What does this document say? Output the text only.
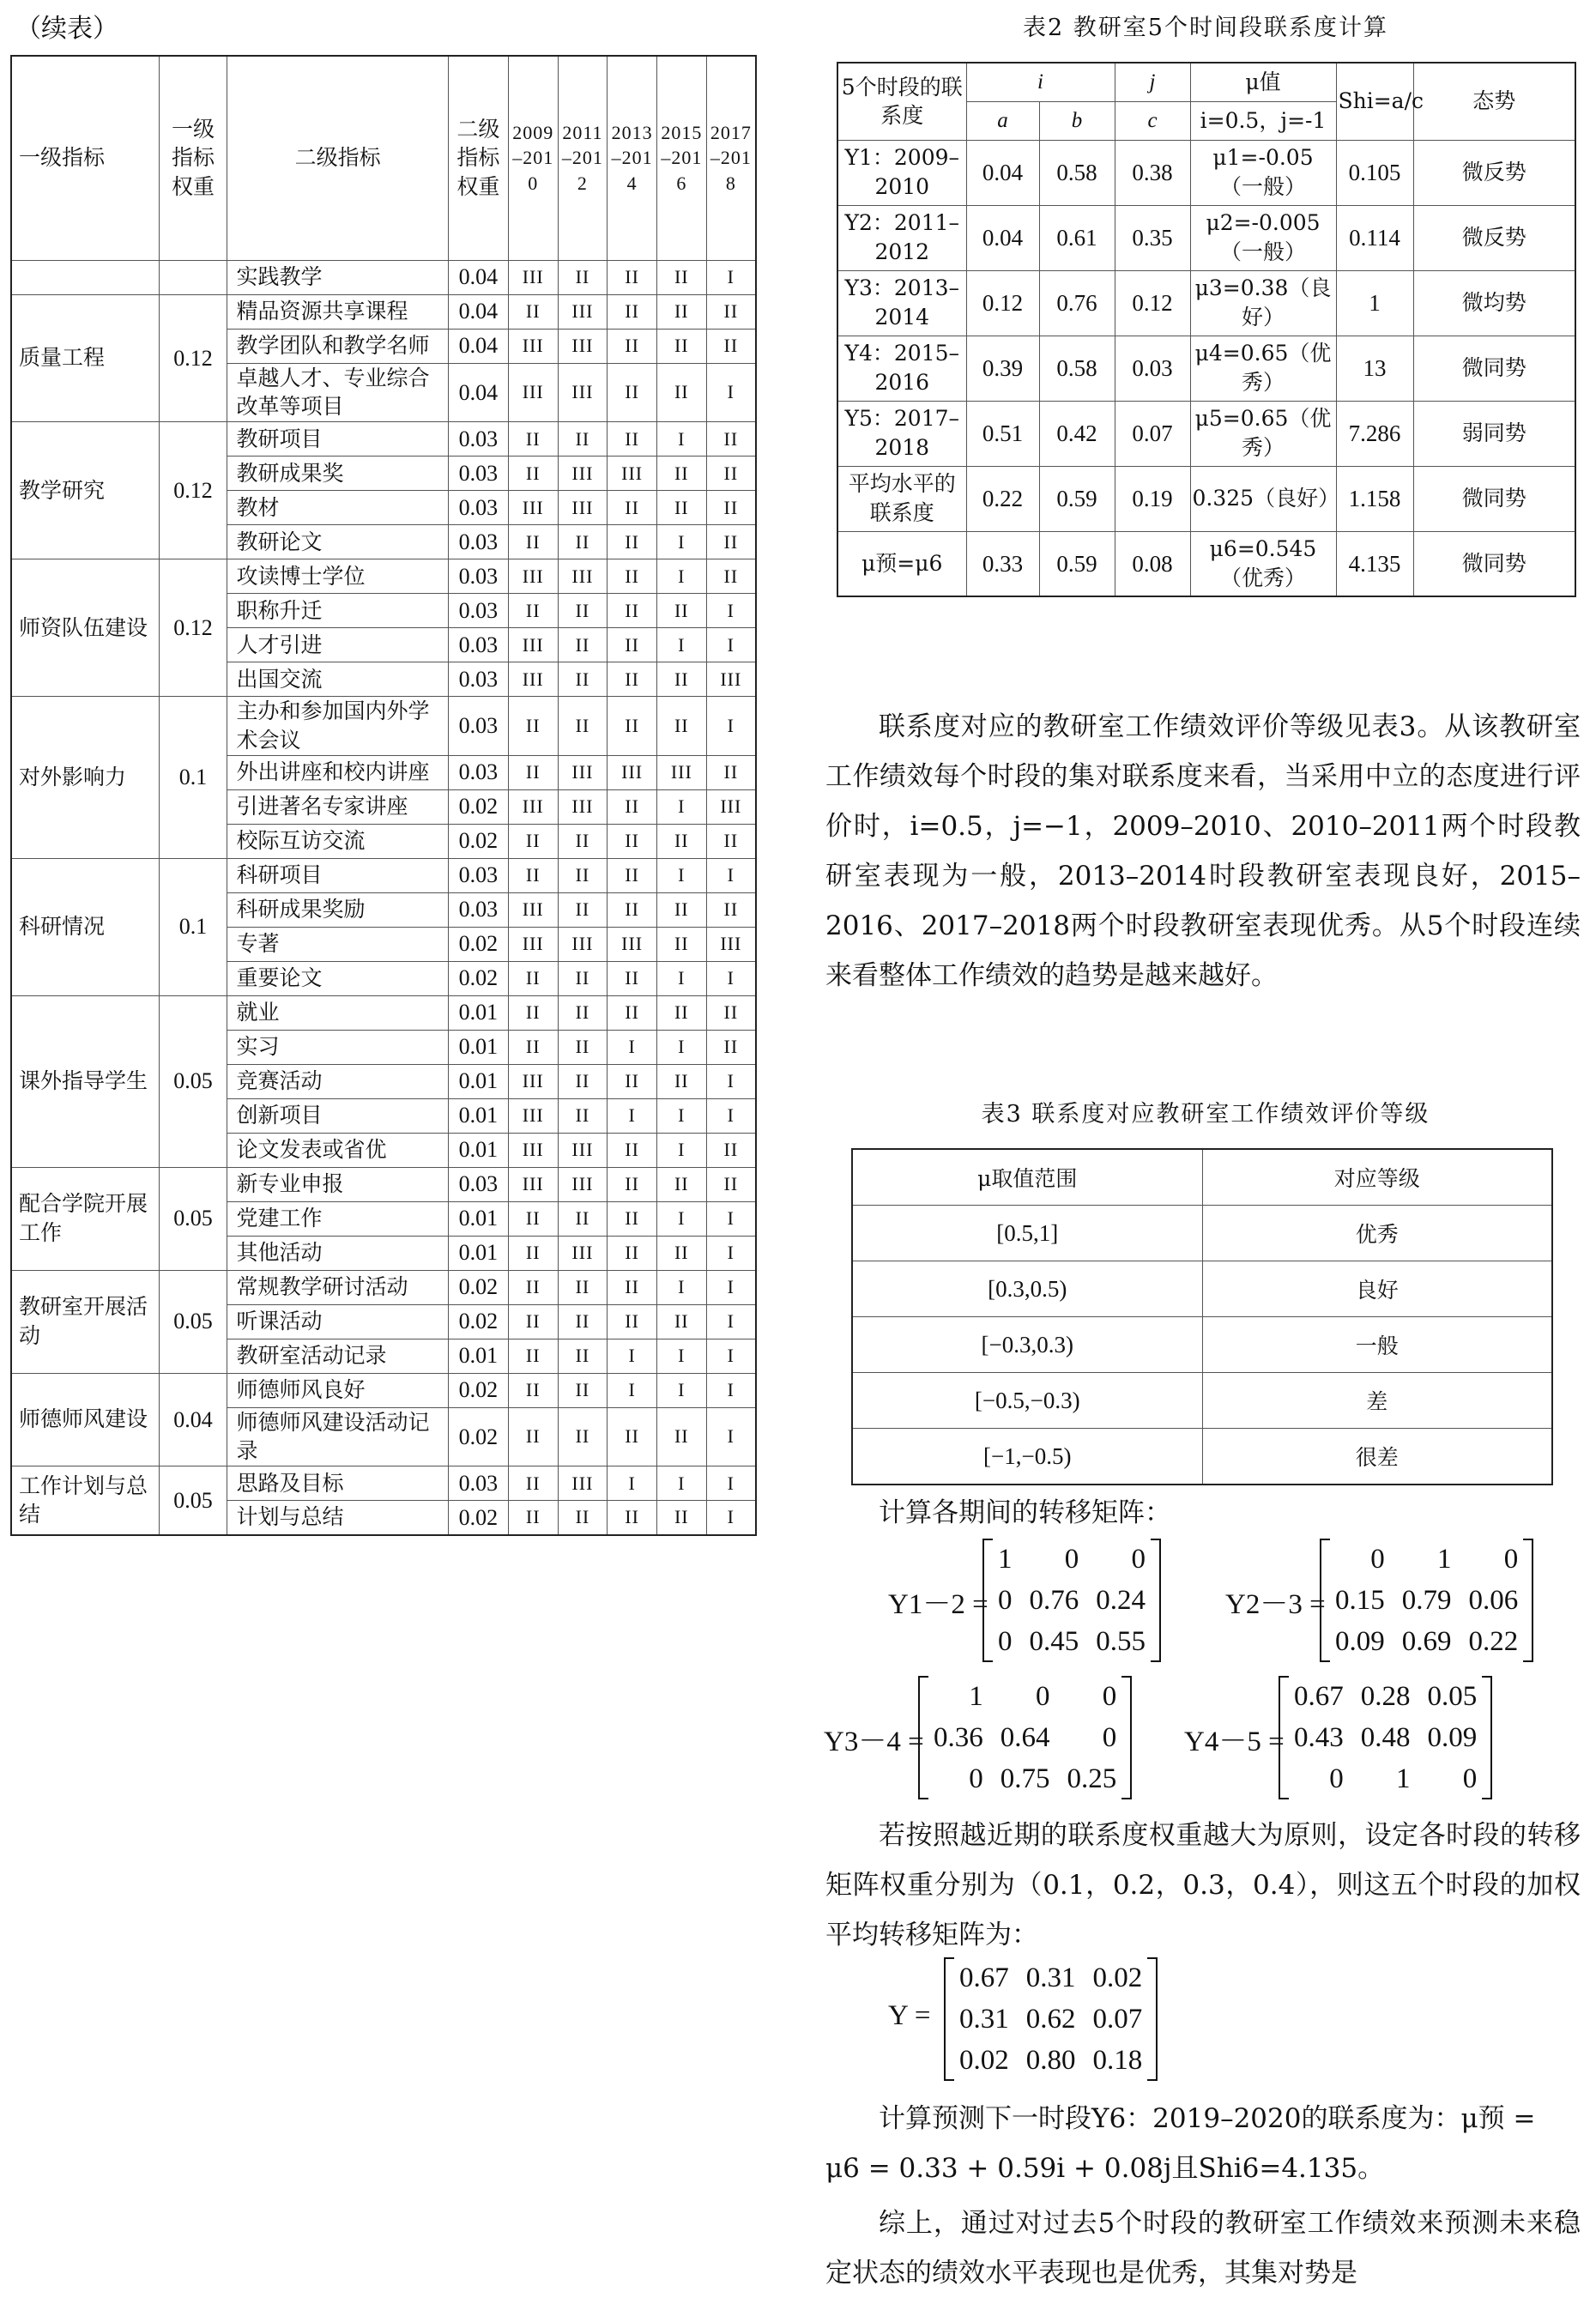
（续表）
一级指标	一级指标权重	二级指标	二级指标权重	2009–2010	2011–2012	2013–2014	2015–2016	2017–2018
		实践教学	0.04	III	II	II	II	I
质量工程	0.12	精品资源共享课程	0.04	II	III	II	II	II
		教学团队和教学名师	0.04	III	III	II	II	II
		卓越人才、专业综合改革等项目	0.04	III	III	II	II	I
教学研究	0.12	教研项目	0.03	II	II	II	I	II
		教研成果奖	0.03	II	III	III	II	II
		教材	0.03	III	III	II	II	II
		教研论文	0.03	II	II	II	I	II
师资队伍建设	0.12	攻读博士学位	0.03	III	III	II	I	II
		职称升迁	0.03	II	II	II	II	I
		人才引进	0.03	III	II	II	I	I
		出国交流	0.03	III	II	II	II	III
对外影响力	0.1	主办和参加国内外学术会议	0.03	II	II	II	II	I
		外出讲座和校内讲座	0.03	II	III	III	III	II
		引进著名专家讲座	0.02	III	III	II	I	III
		校际互访交流	0.02	II	II	II	II	II
科研情况	0.1	科研项目	0.03	II	II	II	I	I
		科研成果奖励	0.03	III	II	II	II	II
		专著	0.02	III	III	III	II	III
		重要论文	0.02	II	II	II	I	I
课外指导学生	0.05	就业	0.01	II	II	II	II	II
		实习	0.01	II	II	I	I	II
		竞赛活动	0.01	III	II	II	II	I
		创新项目	0.01	III	II	I	I	I
		论文发表或省优	0.01	III	III	II	I	II
配合学院开展工作	0.05	新专业申报	0.03	III	III	II	II	II
		党建工作	0.01	II	II	II	I	I
		其他活动	0.01	II	III	II	II	I
教研室开展活动	0.05	常规教学研讨活动	0.02	II	II	II	I	I
		听课活动	0.02	II	II	II	II	I
		教研室活动记录	0.01	II	II	I	I	I
师德师风建设	0.04	师德师风良好	0.02	II	II	I	I	I
		师德师风建设活动记录	0.02	II	II	II	II	I
工作计划与总结	0.05	思路及目标	0.03	II	III	I	I	I
		计划与总结	0.02	II	II	II	II	I
表2 教研室5个时间段联系度计算
5个时段的联系度	i		j	μ值	Shi=a/c	态势
	a	b	c	i=0.5，j=-1		
Y1：2009–2010	0.04	0.58	0.38	μ1=-0.05（一般）	0.105	微反势
Y2：2011–2012	0.04	0.61	0.35	μ2=-0.005（一般）	0.114	微反势
Y3：2013–2014	0.12	0.76	0.12	μ3=0.38（良好）	1	微均势
Y4：2015–2016	0.39	0.58	0.03	μ4=0.65（优秀）	13	微同势
Y5：2017–2018	0.51	0.42	0.07	μ5=0.65（优秀）	7.286	弱同势
平均水平的联系度	0.22	0.59	0.19	0.325（良好）	1.158	微同势
μ预=μ6	0.33	0.59	0.08	μ6=0.545（优秀）	4.135	微同势
联系度对应的教研室工作绩效评价等级见表3。从该教研室工作绩效每个时段的集对联系度来看，当采用中立的态度进行评价时，i=0.5，j=−1，2009–2010、2010–2011两个时段教研室表现为一般，2013–2014时段教研室表现良好，2015–2016、2017–2018两个时段教研室表现优秀。从5个时段连续来看整体工作绩效的趋势是越来越好。
表3 联系度对应教研室工作绩效评价等级
μ取值范围	对应等级
[0.5,1]	优秀
[0.3,0.5)	良好
[−0.3,0.3)	一般
[−0.5,−0.3)	差
[−1,−0.5)	很差
计算各期间的转移矩阵：
Y1－2 =
1	0	0
0	0.76	0.24
0	0.45	0.55
Y2－3 =
0	1	0
0.15	0.79	0.06
0.09	0.69	0.22
Y3－4 =
1	0	0
0.36	0.64	0
0	0.75	0.25
Y4－5 =
0.67	0.28	0.05
0.43	0.48	0.09
0	1	0
若按照越近期的联系度权重越大为原则，设定各时段的转移矩阵权重分别为（0.1，0.2，0.3，0.4），则这五个时段的加权平均转移矩阵为：
Y =
0.67	0.31	0.02
0.31	0.62	0.07
0.02	0.80	0.18
计算预测下一时段Y6：2019–2020的联系度为：μ预 =
μ6 = 0.33 + 0.59i + 0.08j且Shi6=4.135。
综上，通过对过去5个时段的教研室工作绩效来预测未来稳定状态的绩效水平表现也是优秀，其集对势是
